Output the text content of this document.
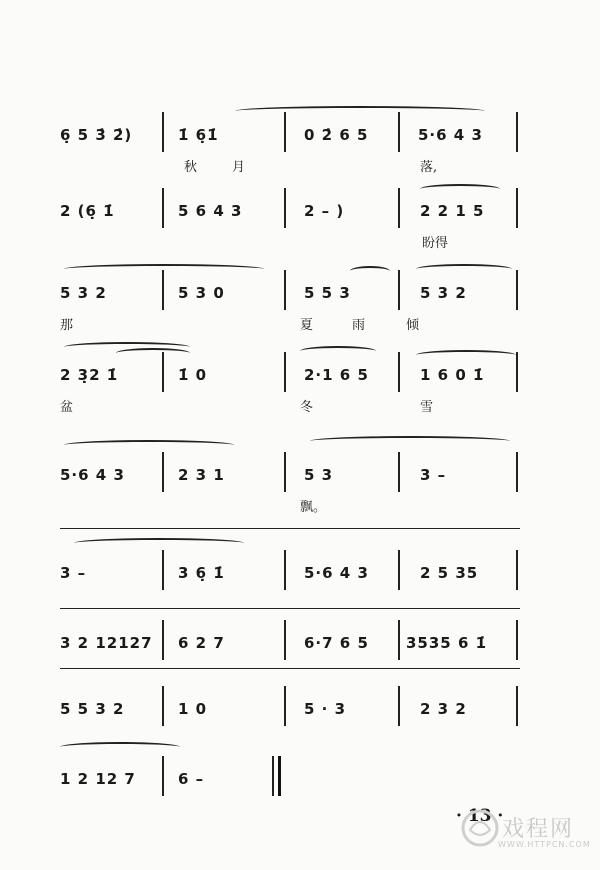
6̣ 5 3̇ 2̇)	1̇ 6̣1̇	0 2̇ 6 5	5·6 4 3
秋	月	落,
2 (6̣ 1̇	5 6 4 3	2 – )	2 2 1 5
盼得
5 3 2	5 3 0	5 5 3	5 3 2
那	夏	雨	倾
2 3̣2 1̇	1̇ 0	2·1 6 5	1 6 0 1̇
盆	冬	雪
5·6 4 3	2 3 1	5 3	3 –
飘。
3 –	3 6̣ 1̇	5·6 4 3	2 5 35
3 2 12127 6 2 7	6·7 6 5 3535 6 1̇
5 5 3 2	1 0	5 · 3	2 3 2
1 2 12 7	6 –
· 13 ·
戏程网
WWW.HTTPCN.COM
